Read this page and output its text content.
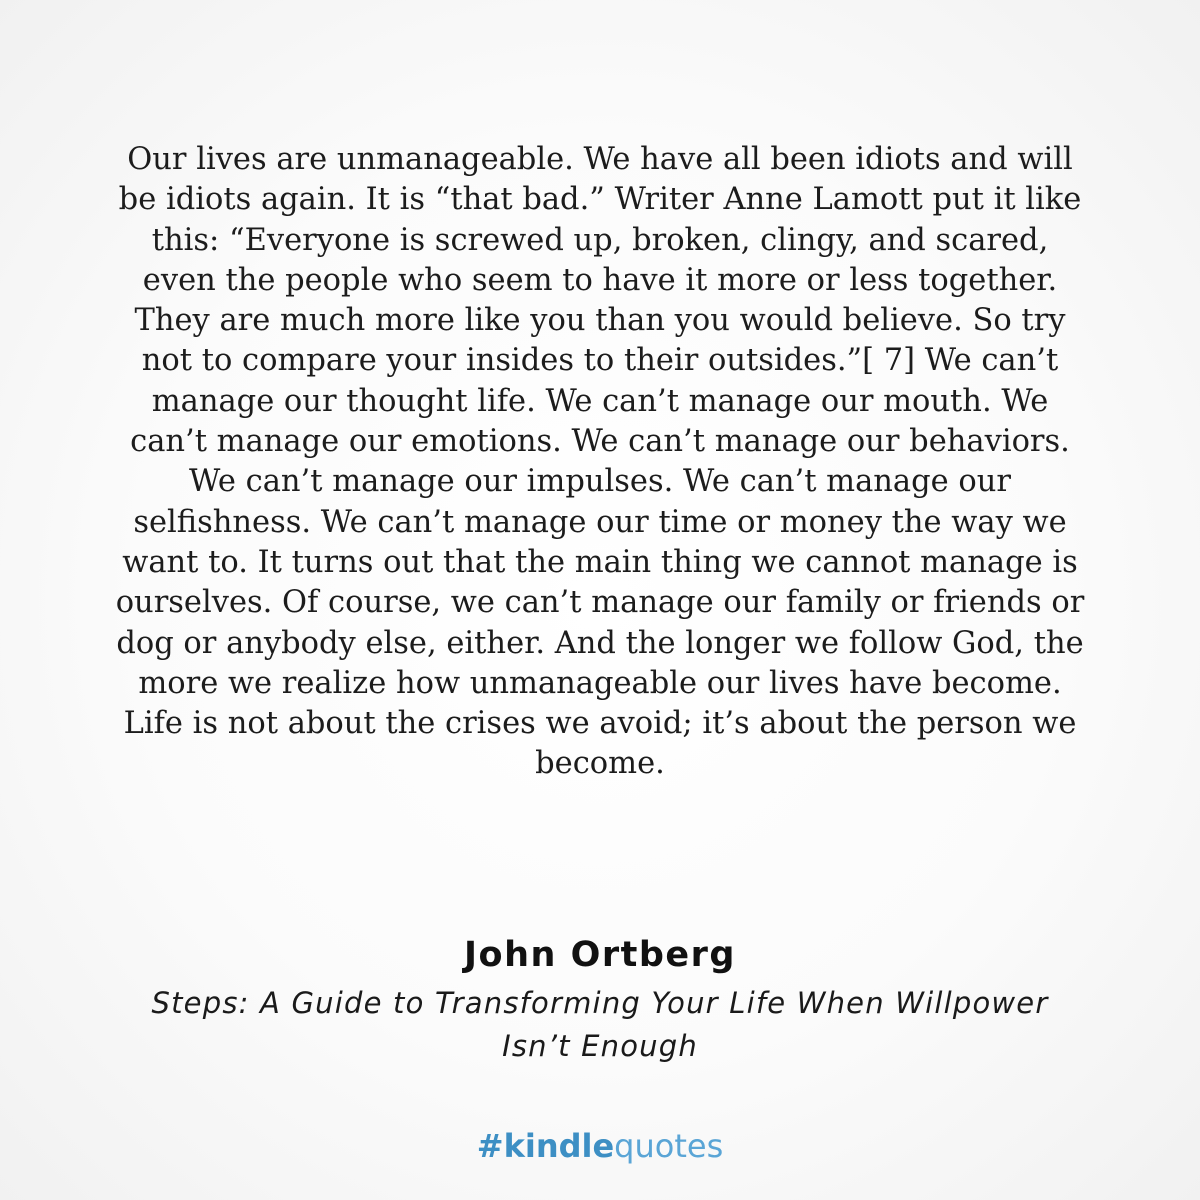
Our lives are unmanageable. We have all been idiots and will
be idiots again. It is “that bad.” Writer Anne Lamott put it like
this: “Everyone is screwed up, broken, clingy, and scared,
even the people who seem to have it more or less together.
They are much more like you than you would believe. So try
not to compare your insides to their outsides.”[ 7] We can’t
manage our thought life. We can’t manage our mouth. We
can’t manage our emotions. We can’t manage our behaviors.
We can’t manage our impulses. We can’t manage our
selfishness. We can’t manage our time or money the way we
want to. It turns out that the main thing we cannot manage is
ourselves. Of course, we can’t manage our family or friends or
dog or anybody else, either. And the longer we follow God, the
more we realize how unmanageable our lives have become.
Life is not about the crises we avoid; it’s about the person we
become.
John Ortberg
Steps: A Guide to Transforming Your Life When Willpower
Isn’t Enough
#kindlequotes
